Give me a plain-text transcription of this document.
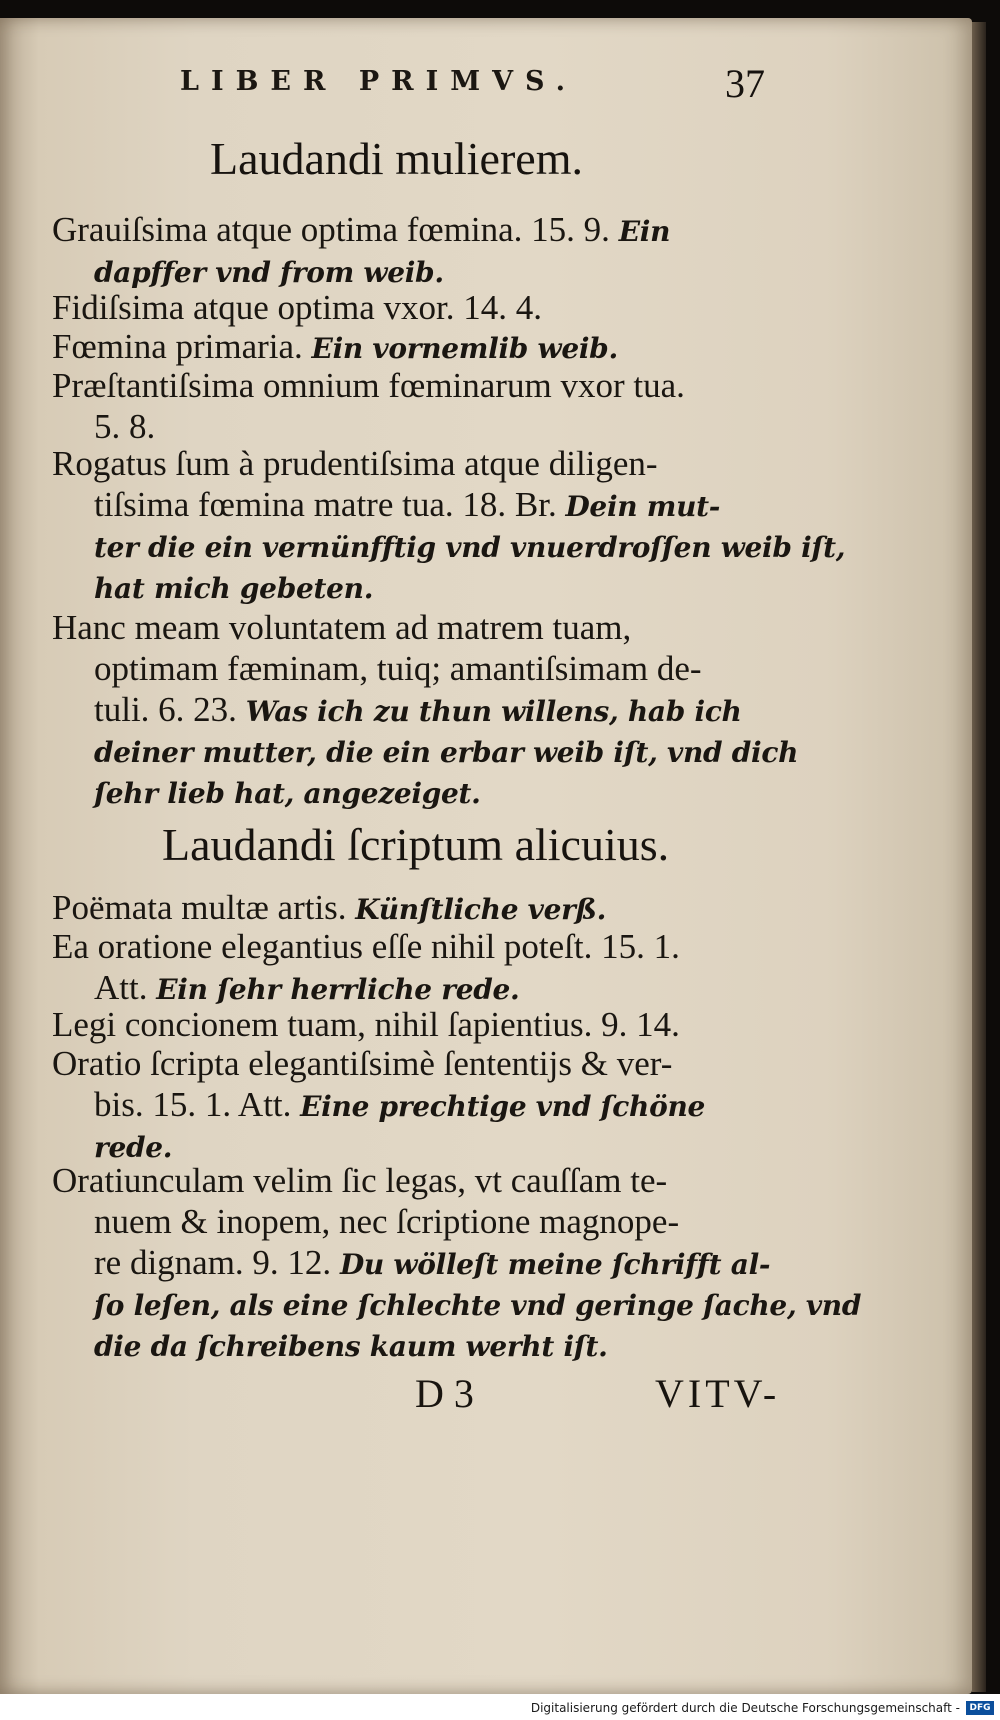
LIBER PRIMVS.	37
Laudandi mulierem.
Grauiſsima atque optima fœmina. 15. 9. Ein
dapffer vnd from weib.
Fidiſsima atque optima vxor. 14. 4.
Fœmina primaria. Ein vornemlib weib.
Præſtantiſsima omnium fœminarum vxor tua.
5. 8.
Rogatus ſum à prudentiſsima atque diligen-
tiſsima fœmina matre tua. 18. Br. Dein mut-
ter die ein vernünfftig vnd vnuerdroſſen weib iſt,
hat mich gebeten.
Hanc meam voluntatem ad matrem tuam,
optimam fæminam, tuiq; amantiſsimam de-
tuli. 6. 23. Was ich zu thun willens, hab ich
deiner mutter, die ein erbar weib iſt, vnd dich
ſehr lieb hat, angezeiget.
Laudandi ſcriptum alicuius.
Poëmata multæ artis. Künſtliche verß.
Ea oratione elegantius eſſe nihil poteſt. 15. 1.
Att. Ein ſehr herrliche rede.
Legi concionem tuam, nihil ſapientius. 9. 14.
Oratio ſcripta elegantiſsimè ſententijs & ver-
bis. 15. 1. Att. Eine prechtige vnd ſchöne
rede.
Oratiunculam velim ſic legas, vt cauſſam te-
nuem & inopem, nec ſcriptione magnope-
re dignam. 9. 12. Du wölleſt meine ſchrifft al-
ſo leſen, als eine ſchlechte vnd geringe ſache, vnd
die da ſchreibens kaum werht iſt.
D 3	VITV-
Digitalisierung gefördert durch die Deutsche Forschungsgemeinschaft -	DFG
